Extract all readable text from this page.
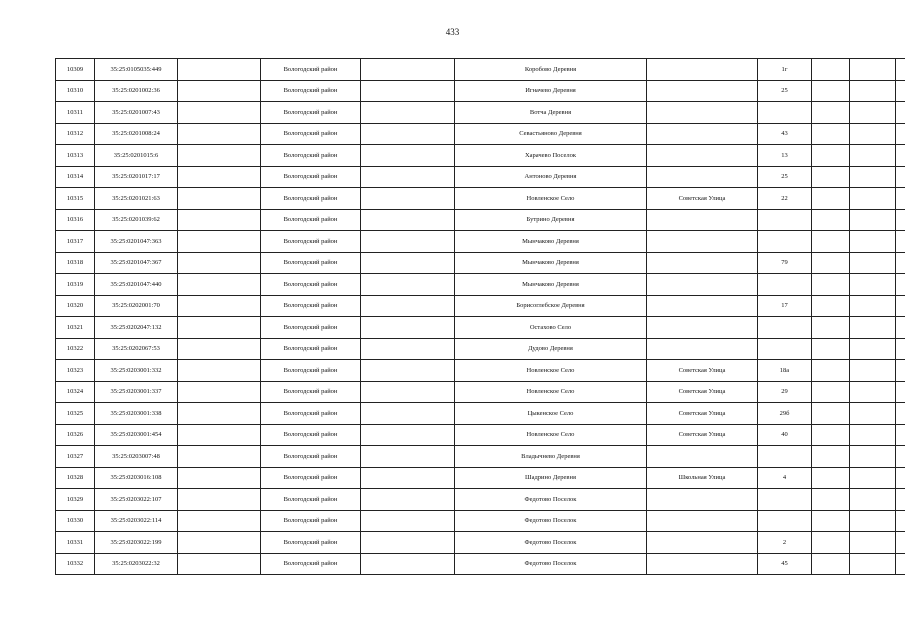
433
10309	35:25:0105035:449		Вологодский район		Коробово Деревня		1г			
10310	35:25:0201002:36		Вологодский район		Игначево Деревня		25			
10311	35:25:0201007:43		Вологодский район		Вотча Деревня					
10312	35:25:0201008:24		Вологодский район		Севастьяново Деревня		43			
10313	35:25:0201015:6		Вологодский район		Харачево Поселок		13			
10314	35:25:0201017:17		Вологодский район		Антоново Деревня		25			
10315	35:25:0201021:63		Вологодский район		Новленское Село	Советская Улица	22			
10316	35:25:0201039:62		Вологодский район		Бутрино Деревня					
10317	35:25:0201047:363		Вологодский район		Мынчаково Деревня					
10318	35:25:0201047:367		Вологодский район		Мынчаково Деревня		79			
10319	35:25:0201047:440		Вологодский район		Мынчаково Деревня					
10320	35:25:0202001:70		Вологодский район		Борисоглебское Деревня		17			
10321	35:25:0202047:132		Вологодский район		Остахово Село					
10322	35:25:0202067:53		Вологодский район		Дудово Деревня					
10323	35:25:0203001:332		Вологодский район		Новленское Село	Советская Улица	18а			
10324	35:25:0203001:337		Вологодский район		Новленское Село	Советская Улица	29			
10325	35:25:0203001:338		Вологодский район		Цыкенское Село	Советская Улица	29б			
10326	35:25:0203001:454		Вологодский район		Новленское Село	Советская Улица	40			
10327	35:25:0203007:48		Вологодский район		Владычнево Деревня					
10328	35:25:0203016:108		Вологодский район		Шадрино Деревня	Школьная Улица	4			
10329	35:25:0203022:107		Вологодский район		Федотово Поселок					
10330	35:25:0203022:114		Вологодский район		Федотово Поселок					
10331	35:25:0203022:199		Вологодский район		Федотово Поселок		2			
10332	35:25:0203022:32		Вологодский район		Федотово Поселок		45			
